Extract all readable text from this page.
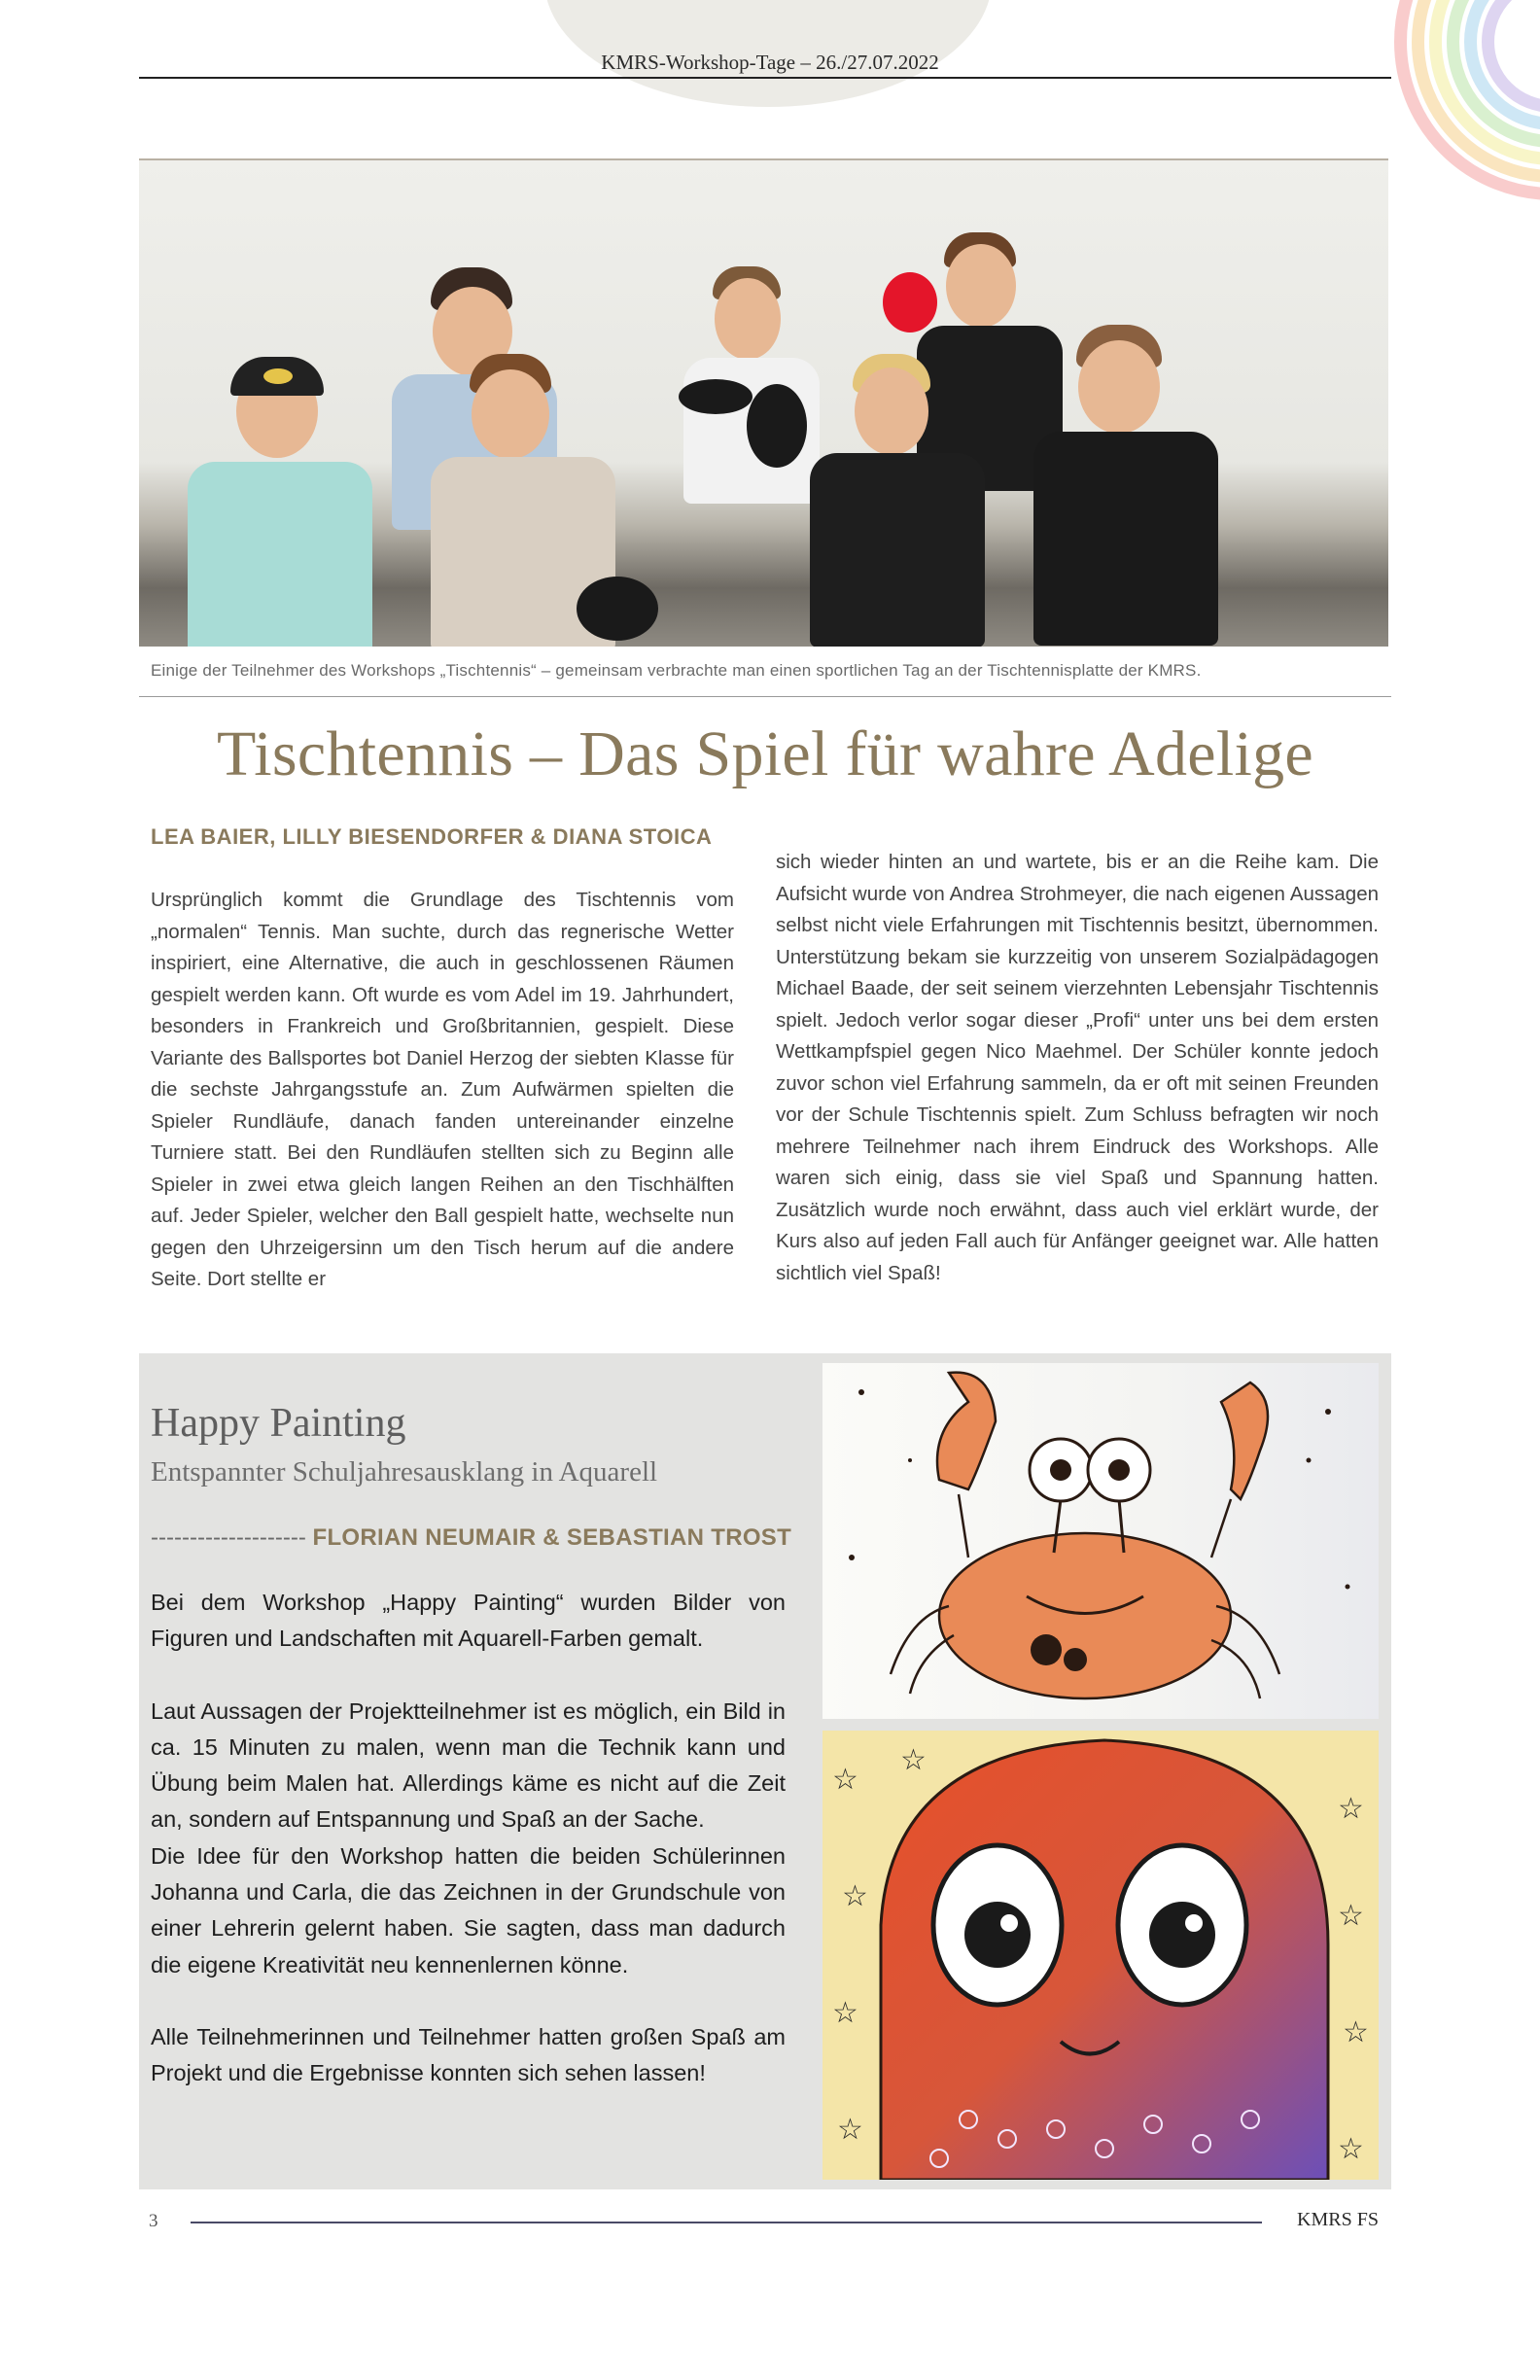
KMRS-Workshop-Tage – 26./27.07.2022
Einige der Teilnehmer des Workshops „Tischtennis“ – gemeinsam verbrachte man einen sportlichen Tag an der Tischtennisplatte der KMRS.
Tischtennis – Das Spiel für wahre Adelige
LEA BAIER, LILLY BIESENDORFER & DIANA STOICA
Ursprünglich kommt die Grundlage des Tischtennis vom „normalen“ Tennis. Man suchte, durch das regnerische Wetter inspiriert, eine Alternative, die auch in geschlossenen Räumen gespielt werden kann. Oft wurde es vom Adel im 19. Jahrhundert, besonders in Frankreich und Großbritannien, gespielt. Diese Variante des Ballsportes bot Daniel Herzog der siebten Klasse für die sechste Jahrgangsstufe an. Zum Aufwärmen spielten die Spieler Rundläufe, danach fanden untereinander einzelne Turniere statt. Bei den Rundläufen stellten sich zu Beginn alle Spieler in zwei etwa gleich langen Reihen an den Tischhälften auf. Jeder Spieler, welcher den Ball gespielt hatte, wechselte nun gegen den Uhrzeigersinn um den Tisch herum auf die andere Seite. Dort stellte er
sich wieder hinten an und wartete, bis er an die Reihe kam. Die Aufsicht wurde von Andrea Strohmeyer, die nach eigenen Aussagen selbst nicht viele Erfahrungen mit Tischtennis besitzt, übernommen. Unterstützung bekam sie kurzzeitig von unserem Sozialpädagogen Michael Baade, der seit seinem vierzehnten Lebensjahr Tischtennis spielt. Jedoch verlor sogar dieser „Profi“ unter uns bei dem ersten Wettkampfspiel gegen Nico Maehmel. Der Schüler konnte jedoch zuvor schon viel Erfahrung sammeln, da er oft mit seinen Freunden vor der Schule Tischtennis spielt. Zum Schluss befragten wir noch mehrere Teilnehmer nach ihrem Eindruck des Workshops. Alle waren sich einig, dass sie viel Spaß und Spannung hatten. Zusätzlich wurde noch erwähnt, dass auch viel erklärt wurde, der Kurs also auf jeden Fall auch für Anfänger geeignet war. Alle hatten sichtlich viel Spaß!
Happy Painting
Entspannter Schuljahresausklang in Aquarell
-------------------- FLORIAN NEUMAIR & SEBASTIAN TROST

Bei dem Workshop „Happy Painting“ wurden Bilder von Figuren und Landschaften mit Aquarell-Farben gemalt.

Laut Aussagen der Projektteilnehmer ist es möglich, ein Bild in ca. 15 Minuten zu malen, wenn man die Technik kann und Übung beim Malen hat. Allerdings käme es nicht auf die Zeit an, sondern auf Entspannung und Spaß an der Sache.

Die Idee für den Workshop hatten die beiden Schülerinnen Johanna und Carla, die das Zeichnen in der Grundschule von einer Lehrerin gelernt haben. Sie sagten, dass man dadurch die eigene Kreativität neu kennenlernen könne.

Alle Teilnehmerinnen und Teilnehmer hatten großen Spaß am Projekt und die Ergebnisse konnten sich sehen lassen!

☆
☆
☆
☆
☆
☆
☆
☆
☆
3	KMRS FS
